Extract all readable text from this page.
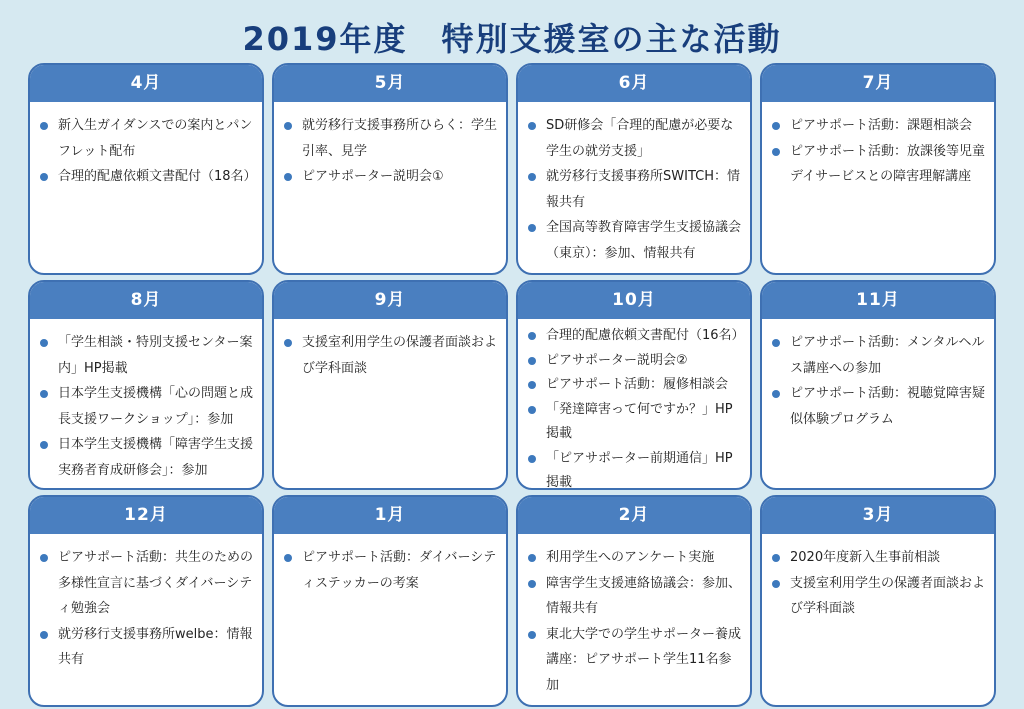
2019年度　特別支援室の主な活動
4月
新入生ガイダンスでの案内とパンフレット配布
合理的配慮依頼文書配付（18名）
5月
就労移行支援事務所ひらく：学生引率、見学
ピアサポーター説明会①
6月
SD研修会「合理的配慮が必要な学生の就労支援」
就労移行支援事務所SWITCH：情報共有
全国高等教育障害学生支援協議会（東京）：参加、情報共有
7月
ピアサポート活動：課題相談会
ピアサポート活動：放課後等児童デイサービスとの障害理解講座
8月
「学生相談・特別支援センター案内」HP掲載
日本学生支援機構「心の問題と成長支援ワークショップ」：参加
日本学生支援機構「障害学生支援実務者育成研修会」：参加
9月
支援室利用学生の保護者面談および学科面談
10月
合理的配慮依頼文書配付（16名）
ピアサポーター説明会②
ピアサポート活動：履修相談会
「発達障害って何ですか？」HP掲載
「ピアサポーター前期通信」HP掲載
11月
ピアサポート活動：メンタルヘルス講座への参加
ピアサポート活動：視聴覚障害疑似体験プログラム
12月
ピアサポート活動：共生のための多様性宣言に基づくダイバーシティ勉強会
就労移行支援事務所welbe：情報共有
1月
ピアサポート活動：ダイバーシティステッカーの考案
2月
利用学生へのアンケート実施
障害学生支援連絡協議会：参加、情報共有
東北大学での学生サポーター養成講座：ピアサポート学生11名参加
3月
2020年度新入生事前相談
支援室利用学生の保護者面談および学科面談
